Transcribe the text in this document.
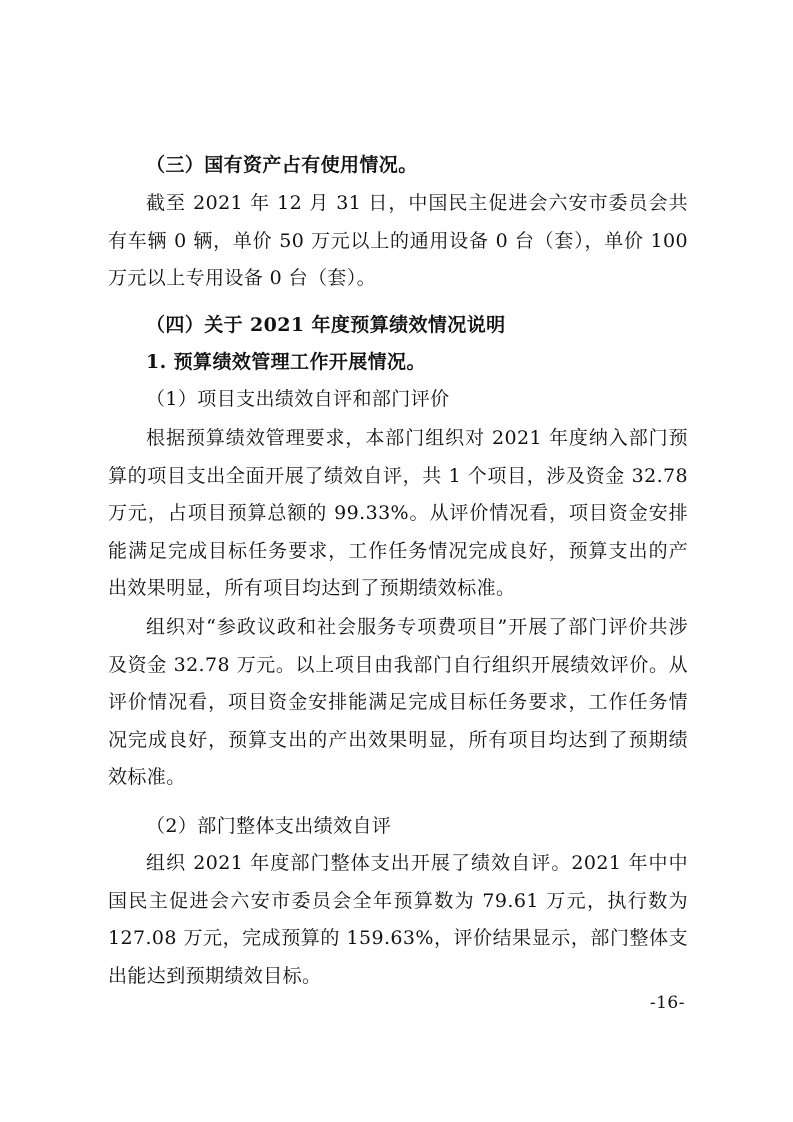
（三）国有资产占有使用情况。

截至 2021 年 12 月 31 日，中国民主促进会六安市委员会共有车辆 0 辆，单价 50 万元以上的通用设备 0 台（套），单价 100 万元以上专用设备 0 台（套）。

（四）关于 2021 年度预算绩效情况说明

1. 预算绩效管理工作开展情况。

（1）项目支出绩效自评和部门评价

根据预算绩效管理要求，本部门组织对 2021 年度纳入部门预算的项目支出全面开展了绩效自评，共 1 个项目，涉及资金 32.78 万元，占项目预算总额的 99.33%。从评价情况看，项目资金安排能满足完成目标任务要求，工作任务情况完成良好，预算支出的产出效果明显，所有项目均达到了预期绩效标准。

组织对“参政议政和社会服务专项费项目”开展了部门评价共涉及资金 32.78 万元。以上项目由我部门自行组织开展绩效评价。从评价情况看，项目资金安排能满足完成目标任务要求，工作任务情况完成良好，预算支出的产出效果明显，所有项目均达到了预期绩效标准。

（2）部门整体支出绩效自评

组织 2021 年度部门整体支出开展了绩效自评。2021 年中中国民主促进会六安市委员会全年预算数为 79.61 万元，执行数为 127.08 万元，完成预算的 159.63%，评价结果显示，部门整体支出能达到预期绩效目标。

-16-
